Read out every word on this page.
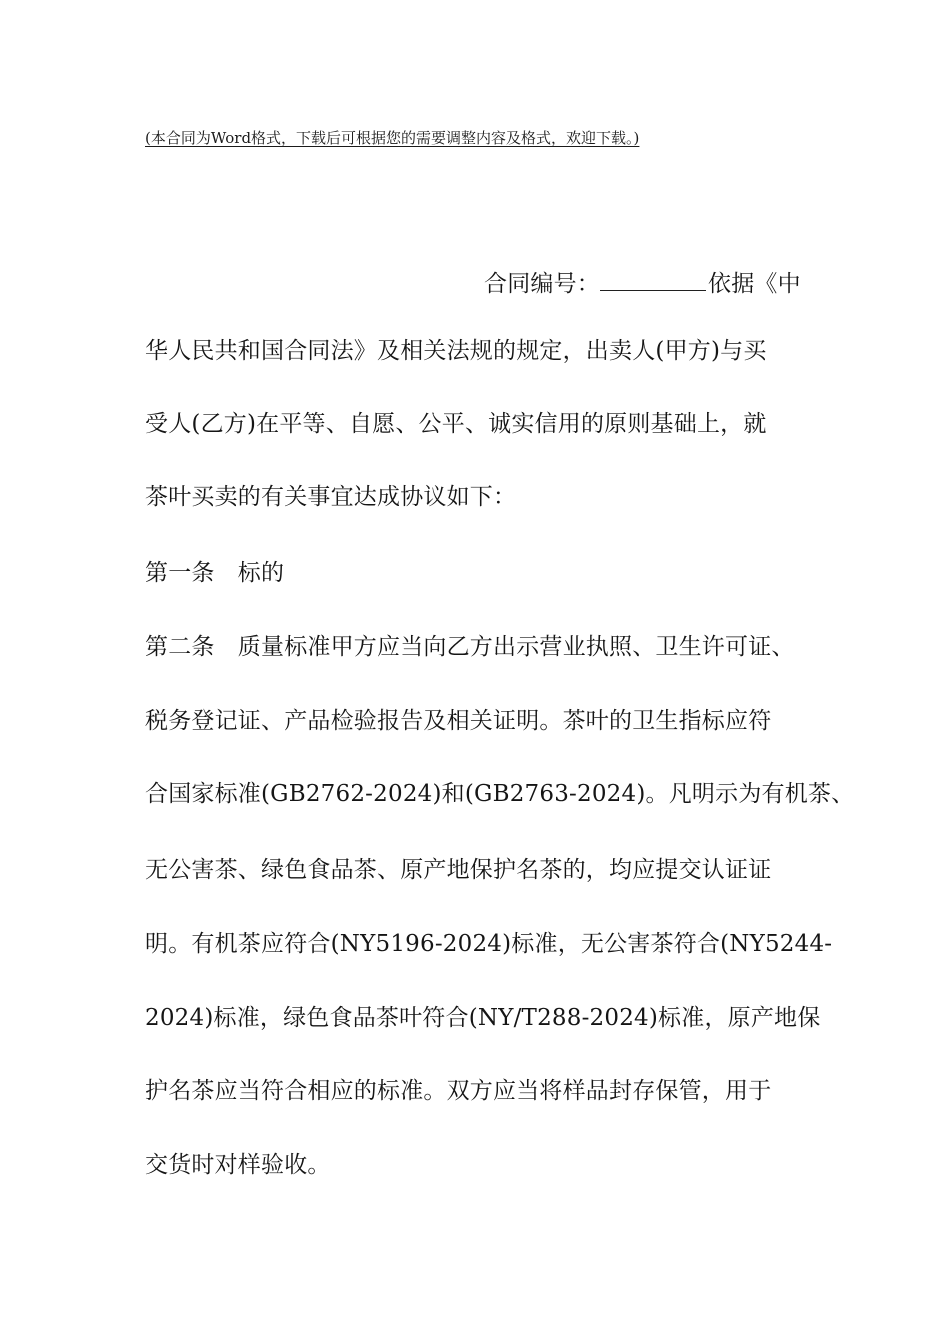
(本合同为Word格式，下载后可根据您的需要调整内容及格式，欢迎下载。)
合同编号：	依据《中
华人民共和国合同法》及相关法规的规定，出卖人(甲方)与买
受人(乙方)在平等、自愿、公平、诚实信用的原则基础上，就
茶叶买卖的有关事宜达成协议如下：
第一条　标的
第二条　质量标准甲方应当向乙方出示营业执照、卫生许可证、
税务登记证、产品检验报告及相关证明。茶叶的卫生指标应符
合国家标准(GB2762-2024)和(GB2763-2024)。凡明示为有机茶、
无公害茶、绿色食品茶、原产地保护名茶的，均应提交认证证
明。有机茶应符合(NY5196-2024)标准，无公害茶符合(NY5244-
2024)标准，绿色食品茶叶符合(NY/T288-2024)标准，原产地保
护名茶应当符合相应的标准。双方应当将样品封存保管，用于
交货时对样验收。
